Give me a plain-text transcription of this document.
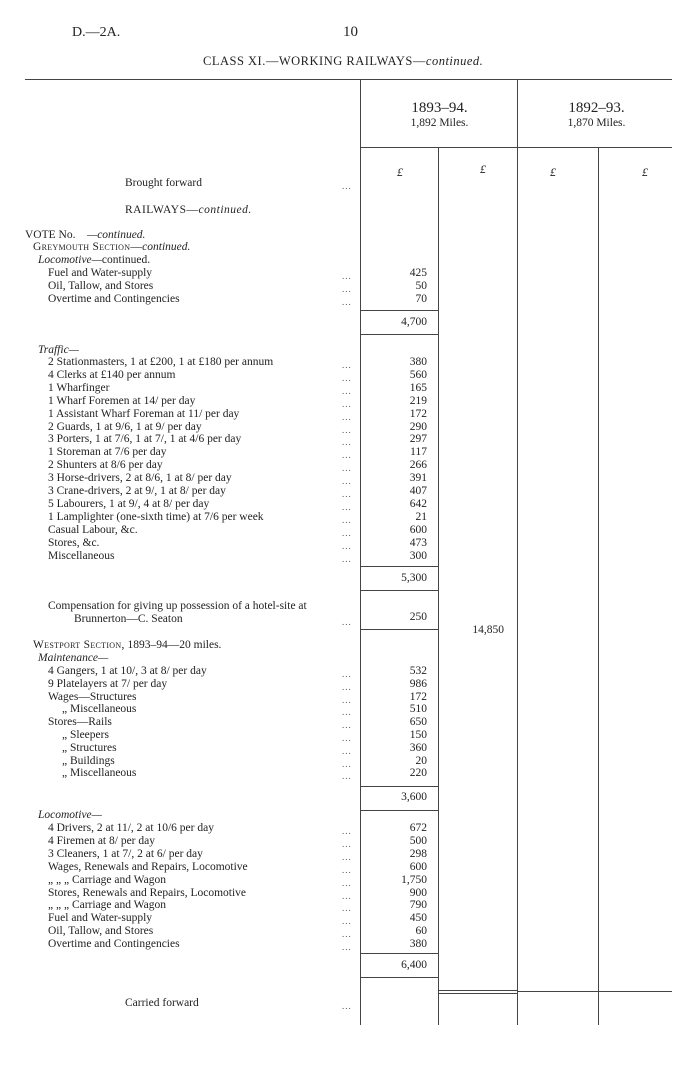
D.—2A.	10
CLASS XI.—WORKING RAILWAYS—continued.
1893–94.
1,892 Miles.
1892–93.
1,870 Miles.
£	£	£	£
Brought forward	...
RAILWAYS—continued.
VOTE No. —continued.
Greymouth Section—continued.
Locomotive—continued.
Fuel and Water-supply	...	425
Oil, Tallow, and Stores	...	50
Overtime and Contingencies	...	70
4,700
Traffic—
2 Stationmasters, 1 at £200, 1 at £180 per annum	...	380
4 Clerks at £140 per annum	...	560
1 Wharfinger	...	165
1 Wharf Foremen at 14/ per day	...	219
1 Assistant Wharf Foreman at 11/ per day	...	172
2 Guards, 1 at 9/6, 1 at 9/ per day	...	290
3 Porters, 1 at 7/6, 1 at 7/, 1 at 4/6 per day	...	297
1 Storeman at 7/6 per day	...	117
2 Shunters at 8/6 per day	...	266
3 Horse-drivers, 2 at 8/6, 1 at 8/ per day	...	391
3 Crane-drivers, 2 at 9/, 1 at 8/ per day	...	407
5 Labourers, 1 at 9/, 4 at 8/ per day	...	642
1 Lamplighter (one-sixth time) at 7/6 per week	...	21
Casual Labour, &c.	...	600
Stores, &c.	...	473
Miscellaneous	...	300
5,300
Compensation for giving up possession of a hotel-site at
Brunnerton—C. Seaton	...	250
14,850
Westport Section, 1893–94—20 miles.
Maintenance—
4 Gangers, 1 at 10/, 3 at 8/ per day	...	532
9 Platelayers at 7/ per day	...	986
Wages—Structures	...	172
„ Miscellaneous	...	510
Stores—Rails	...	650
„ Sleepers	...	150
„ Structures	...	360
„ Buildings	...	20
„ Miscellaneous	...	220
3,600
Locomotive—
4 Drivers, 2 at 11/, 2 at 10/6 per day	...	672
4 Firemen at 8/ per day	...	500
3 Cleaners, 1 at 7/, 2 at 6/ per day	...	298
Wages, Renewals and Repairs, Locomotive	...	600
„ „ „ Carriage and Wagon	...	1,750
Stores, Renewals and Repairs, Locomotive	...	900
„ „ „ Carriage and Wagon	...	790
Fuel and Water-supply	...	450
Oil, Tallow, and Stores	...	60
Overtime and Contingencies	...	380
6,400
Carried forward	...
